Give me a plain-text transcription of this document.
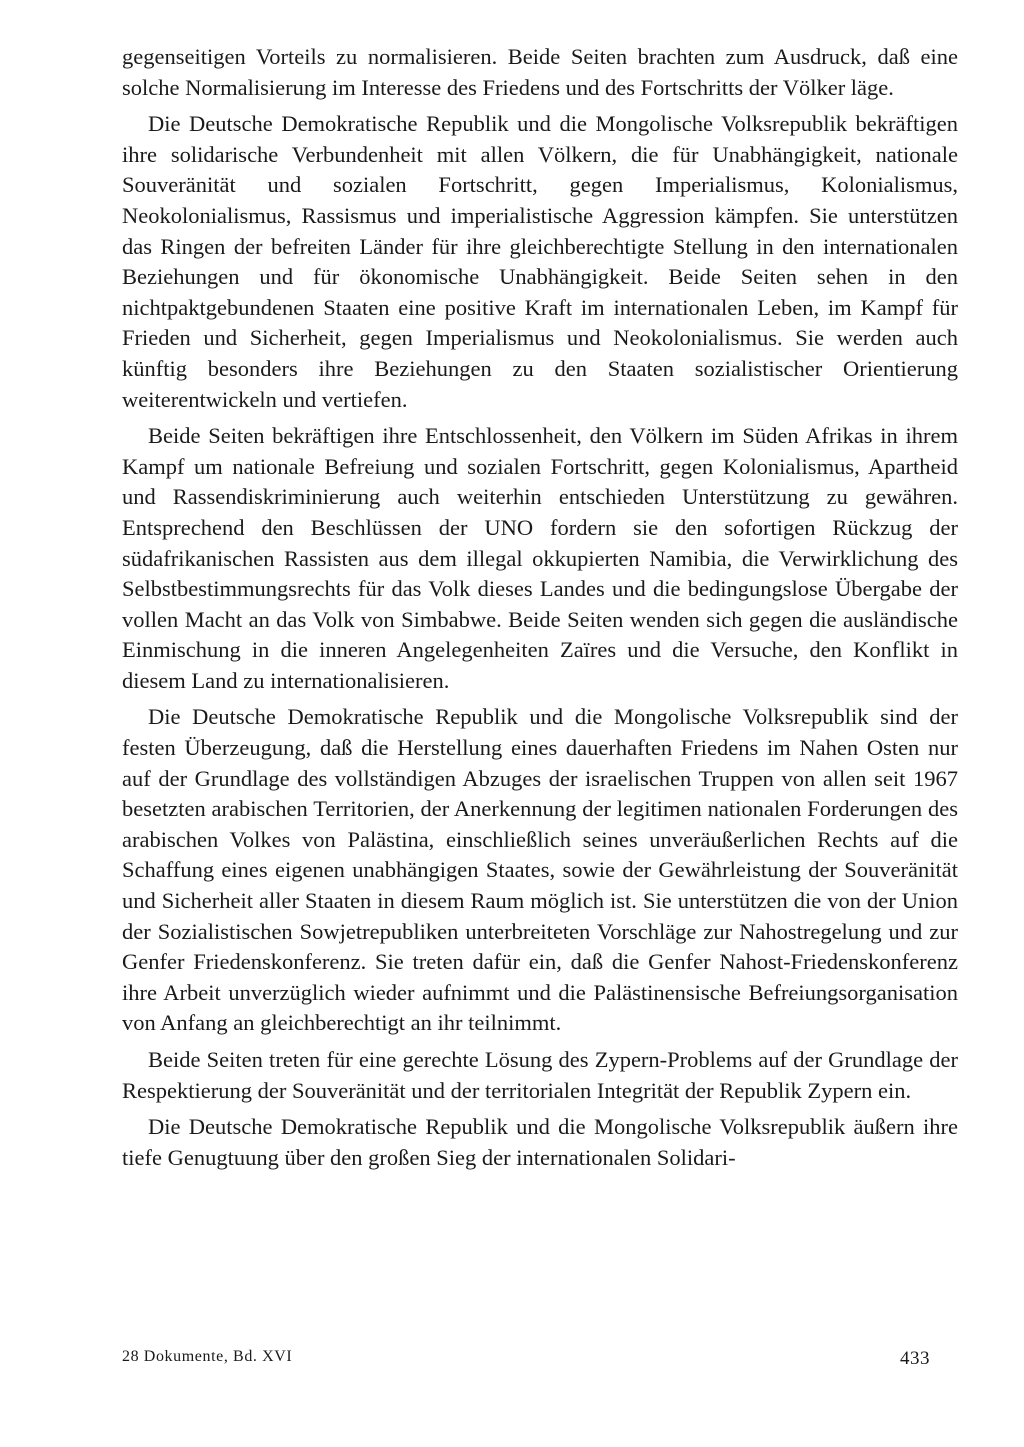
gegenseitigen Vorteils zu normalisieren. Beide Seiten brachten zum Ausdruck, daß eine solche Normalisierung im Interesse des Friedens und des Fortschritts der Völker läge.

Die Deutsche Demokratische Republik und die Mongolische Volksrepublik bekräftigen ihre solidarische Verbundenheit mit allen Völkern, die für Unabhängigkeit, nationale Souveränität und sozialen Fortschritt, gegen Imperialismus, Kolonialismus, Neokolonialismus, Rassismus und imperialistische Aggression kämpfen. Sie unterstützen das Ringen der befreiten Länder für ihre gleichberechtigte Stellung in den internationalen Beziehungen und für ökonomische Unabhängigkeit. Beide Seiten sehen in den nichtpaktgebundenen Staaten eine positive Kraft im internationalen Leben, im Kampf für Frieden und Sicherheit, gegen Imperialismus und Neokolonialismus. Sie werden auch künftig besonders ihre Beziehungen zu den Staaten sozialistischer Orientierung weiterentwickeln und vertiefen.

Beide Seiten bekräftigen ihre Entschlossenheit, den Völkern im Süden Afrikas in ihrem Kampf um nationale Befreiung und sozialen Fortschritt, gegen Kolonialismus, Apartheid und Rassendiskriminierung auch weiterhin entschieden Unterstützung zu gewähren. Entsprechend den Beschlüssen der UNO fordern sie den sofortigen Rückzug der südafrikanischen Rassisten aus dem illegal okkupierten Namibia, die Verwirklichung des Selbstbestimmungsrechts für das Volk dieses Landes und die bedingungslose Übergabe der vollen Macht an das Volk von Simbabwe. Beide Seiten wenden sich gegen die ausländische Einmischung in die inneren Angelegenheiten Zaïres und die Versuche, den Konflikt in diesem Land zu internationalisieren.

Die Deutsche Demokratische Republik und die Mongolische Volksrepublik sind der festen Überzeugung, daß die Herstellung eines dauerhaften Friedens im Nahen Osten nur auf der Grundlage des vollständigen Abzuges der israelischen Truppen von allen seit 1967 besetzten arabischen Territorien, der Anerkennung der legitimen nationalen Forderungen des arabischen Volkes von Palästina, einschließlich seines unveräußerlichen Rechts auf die Schaffung eines eigenen unabhängigen Staates, sowie der Gewährleistung der Souveränität und Sicherheit aller Staaten in diesem Raum möglich ist. Sie unterstützen die von der Union der Sozialistischen Sowjetrepubliken unterbreiteten Vorschläge zur Nahostregelung und zur Genfer Friedenskonferenz. Sie treten dafür ein, daß die Genfer Nahost-Friedenskonferenz ihre Arbeit unverzüglich wieder aufnimmt und die Palästinensische Befreiungsorganisation von Anfang an gleichberechtigt an ihr teilnimmt.

Beide Seiten treten für eine gerechte Lösung des Zypern-Problems auf der Grundlage der Respektierung der Souveränität und der territorialen Integrität der Republik Zypern ein.

Die Deutsche Demokratische Republik und die Mongolische Volksrepublik äußern ihre tiefe Genugtuung über den großen Sieg der internationalen Solidari-

28 Dokumente, Bd. XVI	433
